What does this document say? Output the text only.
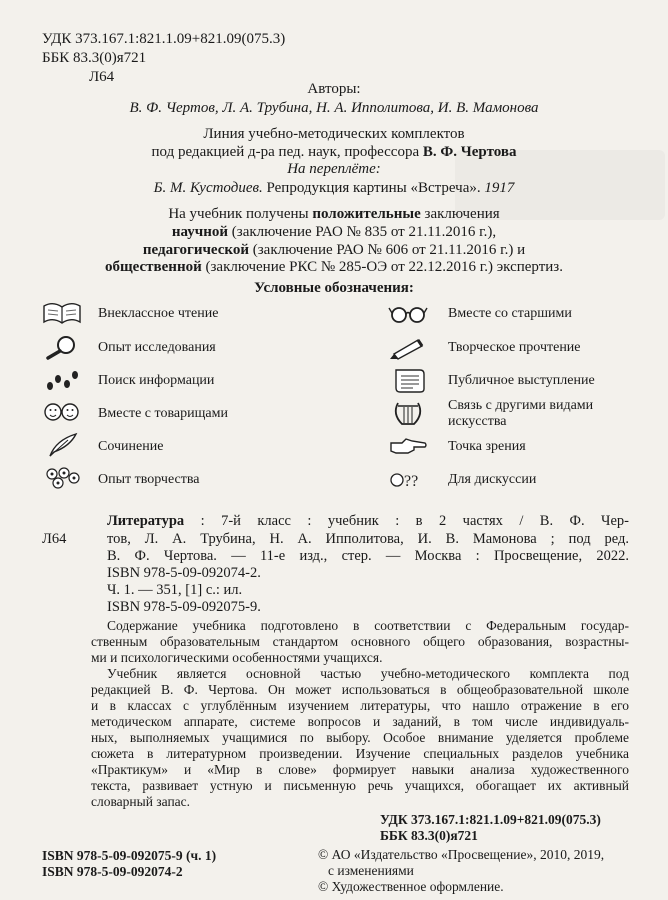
УДК 373.167.1:821.1.09+821.09(075.3)
ББК 83.3(0)я721
Л64
Авторы:
В. Ф. Чертов, Л. А. Трубина, Н. А. Ипполитова, И. В. Мамонова
Линия учебно-методических комплектов
под редакцией д-ра пед. наук, профессора В. Ф. Чертова
На переплёте:
Б. М. Кустодиев. Репродукция картины «Встреча». 1917
На учебник получены положительные заключения
научной (заключение РАО № 835 от 21.11.2016 г.),
педагогической (заключение РАО № 606 от 21.11.2016 г.) и
общественной (заключение РКС № 285-ОЭ от 22.12.2016 г.) экспертиз.
Условные обозначения:
Внеклассное чтение
Опыт исследования
Поиск информации
Вместе с товарищами
Сочинение
Опыт творчества	??
Вместе со старшими
Творческое прочтение
Публичное выступление
Связь с другими видами
искусства
Точка зрения
Для дискуссии
Л64
Литература : 7-й класс : учебник : в 2 частях / В. Ф. Чер-
тов, Л. А. Трубина, Н. А. Ипполитова, И. В. Мамонова ; под ред.
В. Ф. Чертова. — 11-е изд., стер. — Москва : Просвещение, 2022.
ISBN 978-5-09-092074-2.
Ч. 1. — 351, [1] с.: ил.
ISBN 978-5-09-092075-9.
Содержание учебника подготовлено в соответствии с Федеральным государ-
ственным образовательным стандартом основного общего образования, возрастны-
ми и психологическими особенностями учащихся.
Учебник является основной частью учебно-методического комплекта под
редакцией В. Ф. Чертова. Он может использоваться в общеобразовательной школе
и в классах с углублённым изучением литературы, что нашло отражение в его
методическом аппарате, системе вопросов и заданий, в том числе индивидуаль-
ных, выполняемых учащимися по выбору. Особое внимание уделяется проблеме
сюжета в литературном произведении. Изучение специальных разделов учебника
«Практикум» и «Мир в слове» формирует навыки анализа художественного
текста, развивает устную и письменную речь учащихся, обогащает их активный
словарный запас.
УДК 373.167.1:821.1.09+821.09(075.3)
ББК 83.3(0)я721
ISBN 978-5-09-092075-9 (ч. 1)
ISBN 978-5-09-092074-2
© АО «Издательство «Просвещение», 2010, 2019,
с изменениями
© Художественное оформление.
